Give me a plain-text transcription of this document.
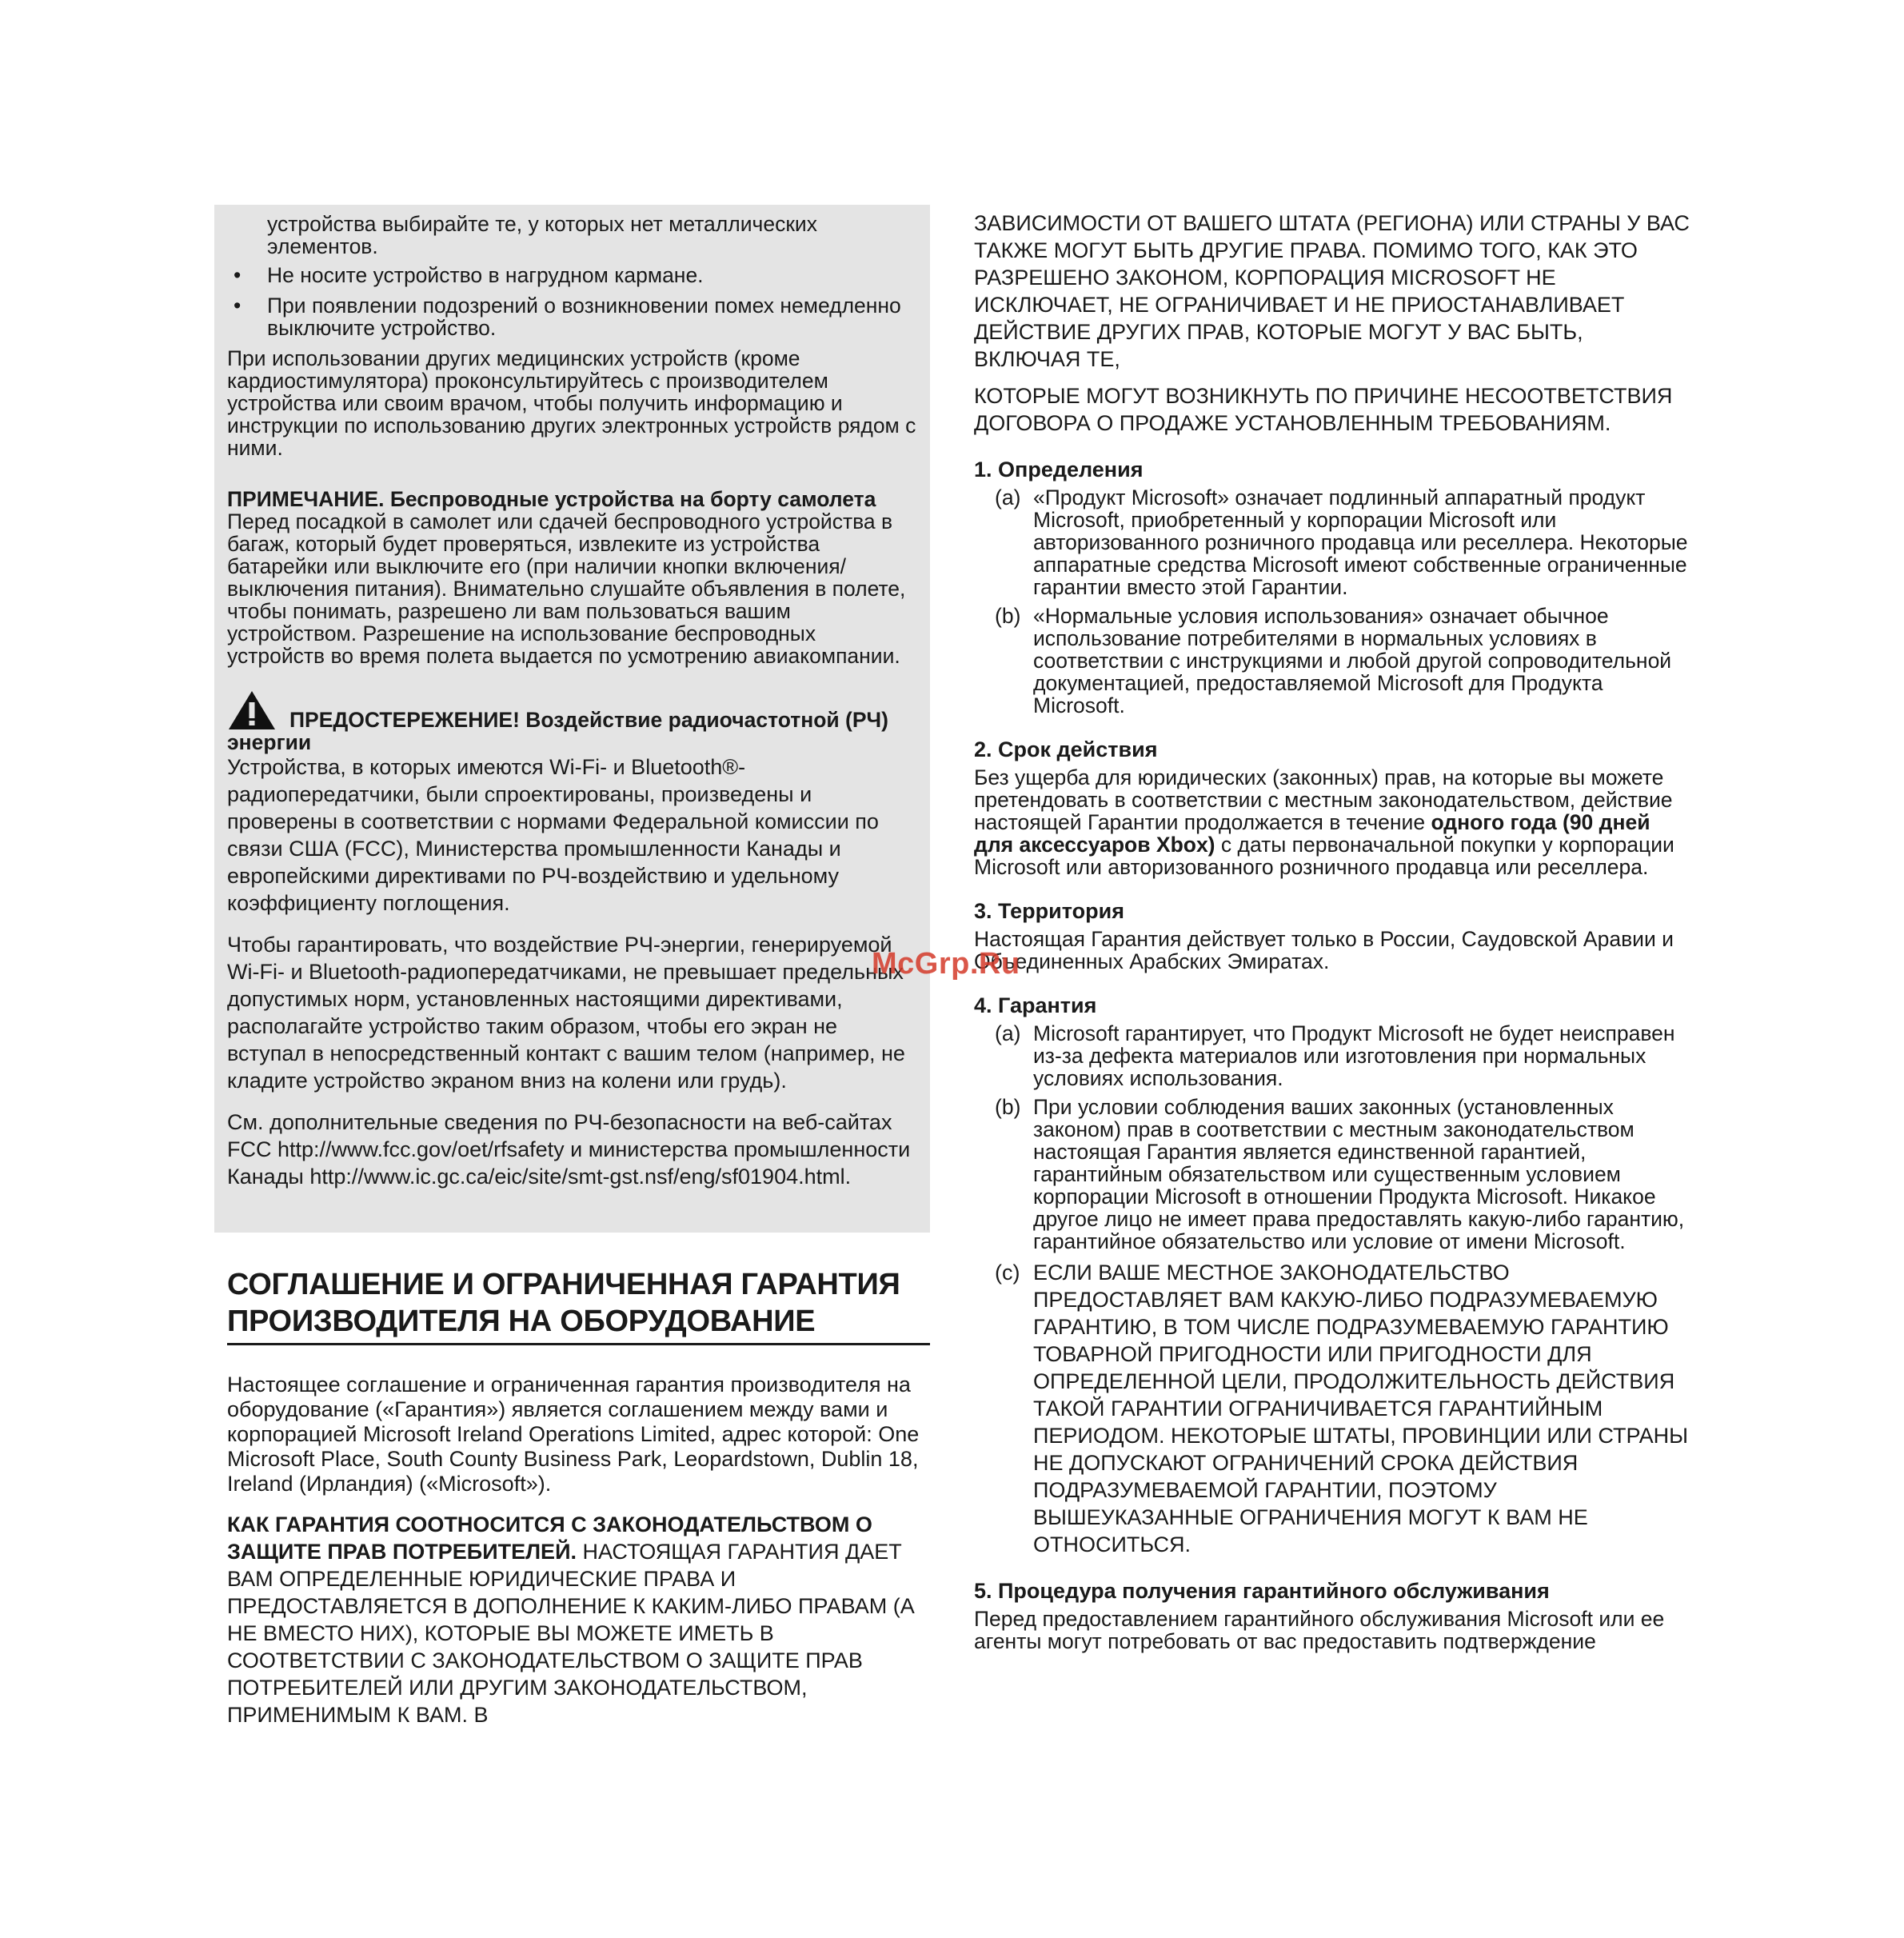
устройства выбирайте те, у которых нет металлических элементов.

• Не носите устройство в нагрудном кармане.
• При появлении подозрений о возникновении помех немедленно выключите устройство.

При использовании других медицинских устройств (кроме кардиостимулятора) проконсультируйтесь с производителем устройства или своим врачом, чтобы получить информацию и инструкции по использованию других электронных устройств рядом с ними.

ПРИМЕЧАНИЕ. Беспроводные устройства на борту самолета

Перед посадкой в самолет или сдачей беспроводного устройства в багаж, который будет проверяться, извлеките из устройства батарейки или выключите его (при наличии кнопки включения/выключения питания). Внимательно слушайте объявления в полете, чтобы понимать, разрешено ли вам пользоваться вашим устройством. Разрешение на использование беспроводных устройств во время полета выдается по усмотрению авиакомпании.

ПРЕДОСТЕРЕЖЕНИЕ! Воздействие радиочастотной (РЧ)

энергии

Устройства, в которых имеются Wi-Fi- и Bluetooth®-радиопередатчики, были спроектированы, произведены и проверены в соответствии с нормами Федеральной комиссии по связи США (FCC), Министерства промышленности Канады и европейскими директивами по РЧ-воздействию и удельному коэффициенту поглощения.

Чтобы гарантировать, что воздействие РЧ-энергии, генерируемой Wi-Fi- и Bluetooth-радиопередатчиками, не превышает предельных допустимых норм, установленных настоящими директивами, располагайте устройство таким образом, чтобы его экран не вступал в непосредственный контакт с вашим телом (например, не кладите устройство экраном вниз на колени или грудь).

См. дополнительные сведения по РЧ-безопасности на веб-сайтах FCC http://www.fcc.gov/oet/rfsafety и министерства промышленности Канады http://www.ic.gc.ca/eic/site/smt-gst.nsf/eng/sf01904.html.

СОГЛАШЕНИЕ И ОГРАНИЧЕННАЯ ГАРАНТИЯ
ПРОИЗВОДИТЕЛЯ НА ОБОРУДОВАНИЕ

Настоящее соглашение и ограниченная гарантия производителя на оборудование («Гарантия») является соглашением между вами и корпорацией Microsoft Ireland Operations Limited, адрес которой: One Microsoft Place, South County Business Park, Leopardstown, Dublin 18, Ireland (Ирландия) («Microsoft»).

КАК ГАРАНТИЯ СООТНОСИТСЯ С ЗАКОНОДАТЕЛЬСТВОМ О ЗАЩИТЕ ПРАВ ПОТРЕБИТЕЛЕЙ. НАСТОЯЩАЯ ГАРАНТИЯ ДАЕТ ВАМ ОПРЕДЕЛЕННЫЕ ЮРИДИЧЕСКИЕ ПРАВА И ПРЕДОСТАВЛЯЕТСЯ В ДОПОЛНЕНИЕ К КАКИМ-ЛИБО ПРАВАМ (А НЕ ВМЕСТО НИХ), КОТОРЫЕ ВЫ МОЖЕТЕ ИМЕТЬ В СООТВЕТСТВИИ С ЗАКОНОДАТЕЛЬСТВОМ О ЗАЩИТЕ ПРАВ ПОТРЕБИТЕЛЕЙ ИЛИ ДРУГИМ ЗАКОНОДАТЕЛЬСТВОМ, ПРИМЕНИМЫМ К ВАМ. В

ЗАВИСИМОСТИ ОТ ВАШЕГО ШТАТА (РЕГИОНА) ИЛИ СТРАНЫ У ВАС ТАКЖЕ МОГУТ БЫТЬ ДРУГИЕ ПРАВА. ПОМИМО ТОГО, КАК ЭТО РАЗРЕШЕНО ЗАКОНОМ, КОРПОРАЦИЯ MICROSOFT НЕ ИСКЛЮЧАЕТ, НЕ ОГРАНИЧИВАЕТ И НЕ ПРИОСТАНАВЛИВАЕТ ДЕЙСТВИЕ ДРУГИХ ПРАВ, КОТОРЫЕ МОГУТ У ВАС БЫТЬ, ВКЛЮЧАЯ ТЕ,

КОТОРЫЕ МОГУТ ВОЗНИКНУТЬ ПО ПРИЧИНЕ НЕСООТВЕТСТВИЯ ДОГОВОРА О ПРОДАЖЕ УСТАНОВЛЕННЫМ ТРЕБОВАНИЯМ.

1. Определения
(a) «Продукт Microsoft» означает подлинный аппаратный продукт Microsoft, приобретенный у корпорации Microsoft или авторизованного розничного продавца или реселлера. Некоторые аппаратные средства Microsoft имеют собственные ограниченные гарантии вместо этой Гарантии.
(b) «Нормальные условия использования» означает обычное использование потребителями в нормальных условиях в соответствии с инструкциями и любой другой сопроводительной документацией, предоставляемой Microsoft для Продукта Microsoft.
2. Срок действия

Без ущерба для юридических (законных) прав, на которые вы можете претендовать в соответствии с местным законодательством, действие настоящей Гарантии продолжается в течение одного года (90 дней для аксессуаров Xbox) с даты первоначальной покупки у корпорации Microsoft или авторизованного розничного продавца или реселлера.

3. Территория

Настоящая Гарантия действует только в России, Саудовской Аравии и Объединенных Арабских Эмиратах.

4. Гарантия
(a) Microsoft гарантирует, что Продукт Microsoft не будет неисправен из-за дефекта материалов или изготовления при нормальных условиях использования.
(b) При условии соблюдения ваших законных (установленных законом) прав в соответствии с местным законодательством настоящая Гарантия является единственной гарантией, гарантийным обязательством или существенным условием корпорации Microsoft в отношении Продукта Microsoft. Никакое другое лицо не имеет права предоставлять какую-либо гарантию, гарантийное обязательство или условие от имени Microsoft.
(c) ЕСЛИ ВАШЕ МЕСТНОЕ ЗАКОНОДАТЕЛЬСТВО ПРЕДОСТАВЛЯЕТ ВАМ КАКУЮ-ЛИБО ПОДРАЗУМЕВАЕМУЮ ГАРАНТИЮ, В ТОМ ЧИСЛЕ ПОДРАЗУМЕВАЕМУЮ ГАРАНТИЮ ТОВАРНОЙ ПРИГОДНОСТИ ИЛИ ПРИГОДНОСТИ ДЛЯ ОПРЕДЕЛЕННОЙ ЦЕЛИ, ПРОДОЛЖИТЕЛЬНОСТЬ ДЕЙСТВИЯ ТАКОЙ ГАРАНТИИ ОГРАНИЧИВАЕТСЯ ГАРАНТИЙНЫМ ПЕРИОДОМ. НЕКОТОРЫЕ ШТАТЫ, ПРОВИНЦИИ ИЛИ СТРАНЫ НЕ ДОПУСКАЮТ ОГРАНИЧЕНИЙ СРОКА ДЕЙСТВИЯ ПОДРАЗУМЕВАЕМОЙ ГАРАНТИИ, ПОЭТОМУ ВЫШЕУКАЗАННЫЕ ОГРАНИЧЕНИЯ МОГУТ К ВАМ НЕ ОТНОСИТЬСЯ.
5. Процедура получения гарантийного обслуживания

Перед предоставлением гарантийного обслуживания Microsoft или ее агенты могут потребовать от вас предоставить подтверждение

McGrp.Ru
